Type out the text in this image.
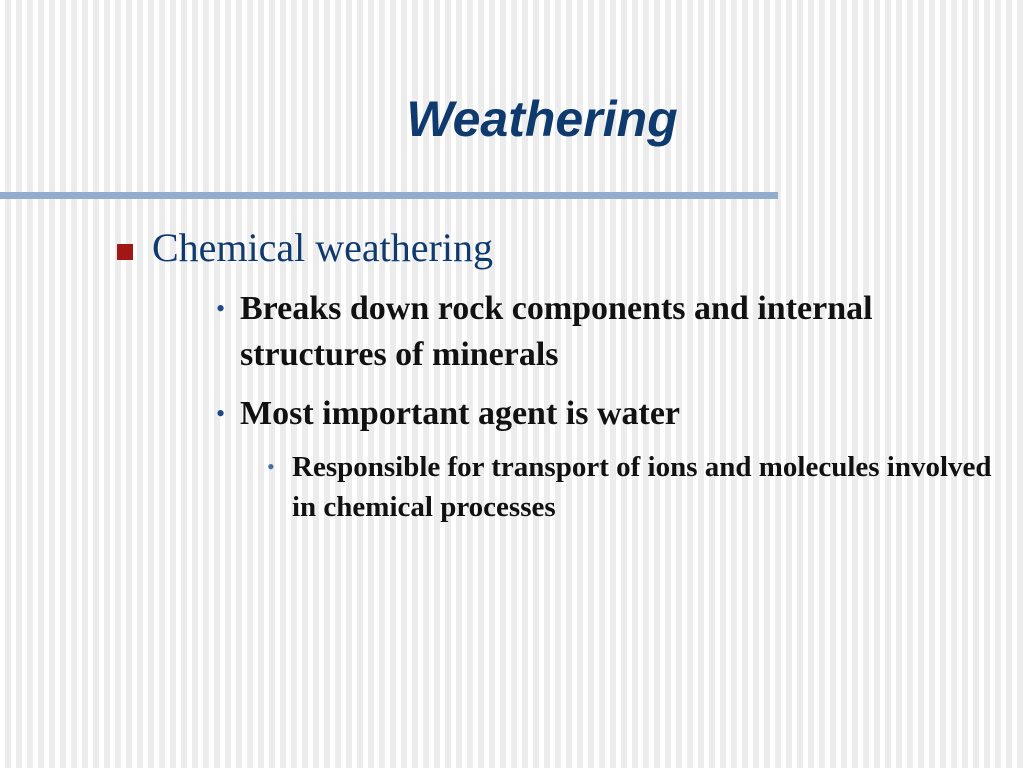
Weathering
Chemical weathering
• Breaks down rock components and internal structures of minerals
• Most important agent is water
• Responsible for transport of ions and molecules involved in chemical processes
